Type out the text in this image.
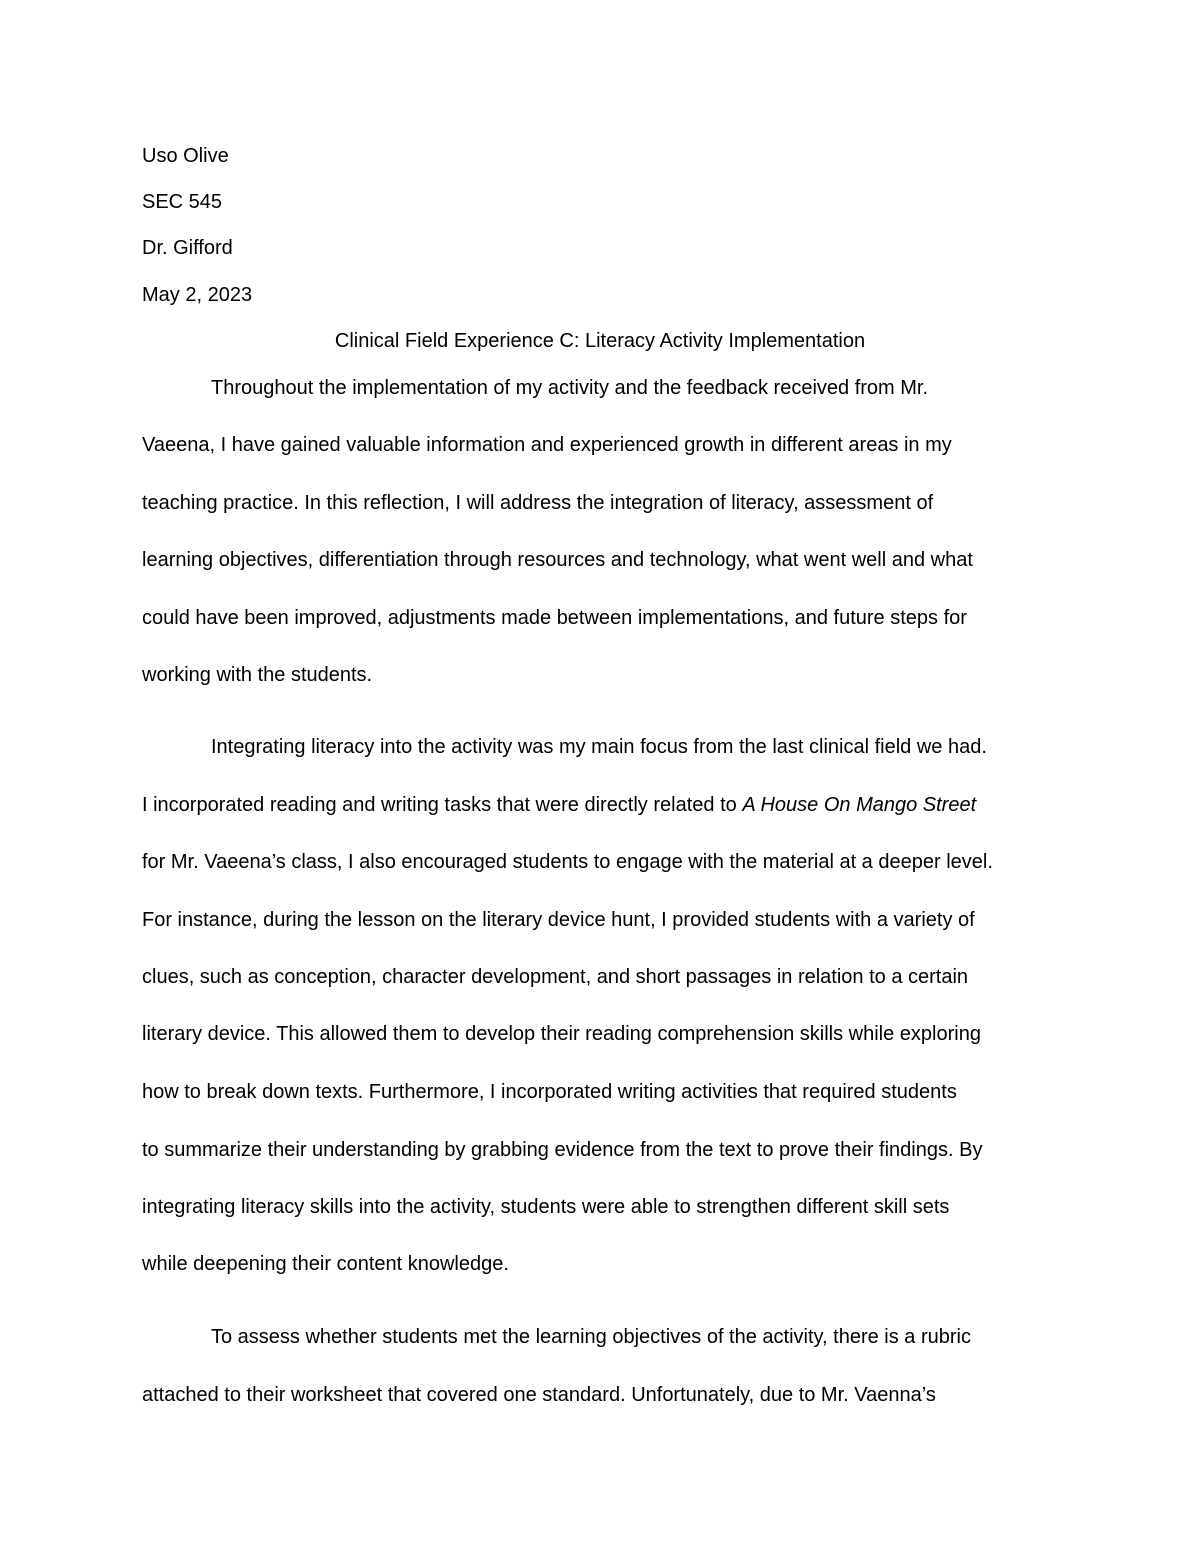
Uso Olive
SEC 545
Dr. Gifford
May 2, 2023
Clinical Field Experience C: Literacy Activity Implementation
Throughout the implementation of my activity and the feedback received from Mr.
Vaeena, I have gained valuable information and experienced growth in different areas in my
teaching practice. In this reflection, I will address the integration of literacy, assessment of
learning objectives, differentiation through resources and technology, what went well and what
could have been improved, adjustments made between implementations, and future steps for
working with the students.
Integrating literacy into the activity was my main focus from the last clinical field we had.
I incorporated reading and writing tasks that were directly related to A House On Mango Street
for Mr. Vaeena’s class, I also encouraged students to engage with the material at a deeper level.
For instance, during the lesson on the literary device hunt, I provided students with a variety of
clues, such as conception, character development, and short passages in relation to a certain
literary device. This allowed them to develop their reading comprehension skills while exploring
how to break down texts. Furthermore, I incorporated writing activities that required students
to summarize their understanding by grabbing evidence from the text to prove their findings. By
integrating literacy skills into the activity, students were able to strengthen different skill sets
while deepening their content knowledge.
To assess whether students met the learning objectives of the activity, there is a rubric
attached to their worksheet that covered one standard. Unfortunately, due to Mr. Vaenna’s
